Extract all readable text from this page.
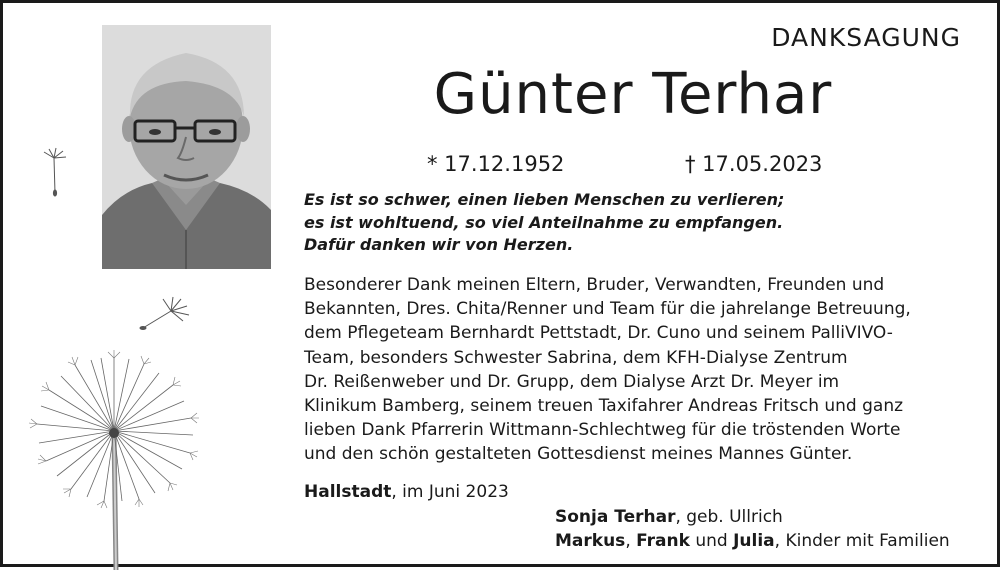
DANKSAGUNG
Günter Terhar
* 17.12.1952	† 17.05.2023
Es ist so schwer, einen lieben Menschen zu verlieren;
es ist wohltuend, so viel Anteilnahme zu empfangen.
Dafür danken wir von Herzen.
Besonderer Dank meinen Eltern, Bruder, Verwandten, Freunden und
Bekannten, Dres. Chita/Renner und Team für die jahrelange Betreuung,
dem Pflegeteam Bernhardt Pettstadt, Dr. Cuno und seinem PalliVIVO-
Team, besonders Schwester Sabrina, dem KFH-Dialyse Zentrum
Dr. Reißenweber und Dr. Grupp, dem Dialyse Arzt Dr. Meyer im
Klinikum Bamberg, seinem treuen Taxifahrer Andreas Fritsch und ganz
lieben Dank Pfarrerin Wittmann-Schlechtweg für die tröstenden Worte
und den schön gestalteten Gottesdienst meines Mannes Günter.
Hallstadt, im Juni 2023
Sonja Terhar, geb. Ullrich
Markus, Frank und Julia, Kinder mit Familien
